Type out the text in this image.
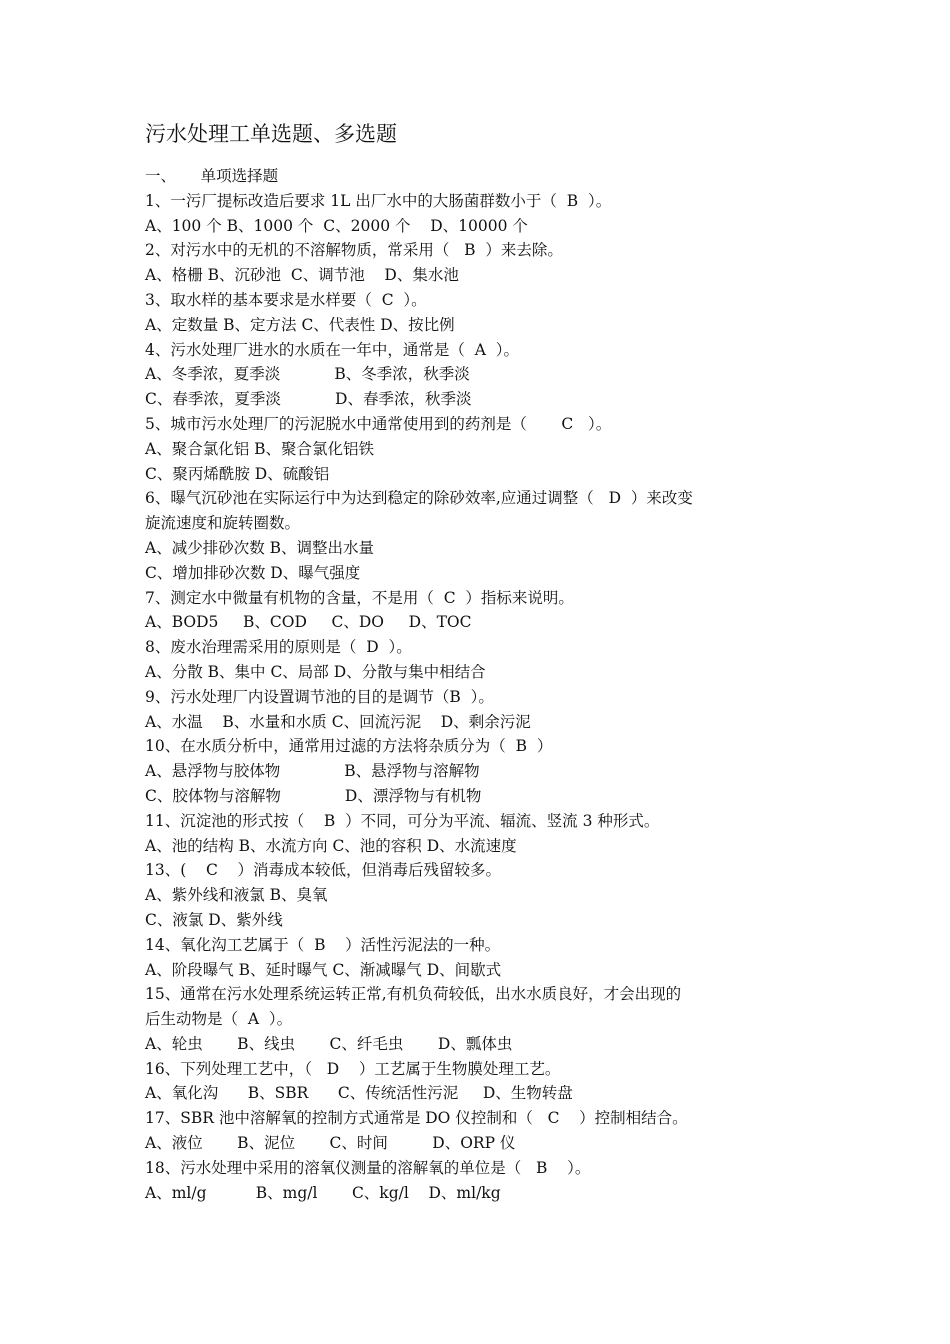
污水处理工单选题、多选题
一、     单项选择题
1、一污厂提标改造后要求 1L 出厂水中的大肠菌群数小于（  B  ）。
A、100 个 B、1000 个  C、2000 个    D、10000 个
2、对污水中的无机的不溶解物质，常采用（   B  ）来去除。
A、格栅 B、沉砂池  C、调节池    D、集水池
3、取水样的基本要求是水样要（  C  ）。
A、定数量 B、定方法 C、代表性 D、按比例
4、污水处理厂进水的水质在一年中，通常是（  A  ）。
A、冬季浓，夏季淡           B、冬季浓，秋季淡
C、春季浓，夏季淡           D、春季浓，秋季淡
5、城市污水处理厂的污泥脱水中通常使用到的药剂是（       C   ）。
A、聚合氯化铝 B、聚合氯化铝铁
C、聚丙烯酰胺 D、硫酸铝
6、曝气沉砂池在实际运行中为达到稳定的除砂效率,应通过调整（   D  ）来改变
旋流速度和旋转圈数。
A、减少排砂次数 B、调整出水量
C、增加排砂次数 D、曝气强度
7、测定水中微量有机物的含量，不是用（  C  ）指标来说明。
A、BOD5     B、COD     C、DO     D、TOC
8、废水治理需采用的原则是（  D  ）。
A、分散 B、集中 C、局部 D、分散与集中相结合
9、污水处理厂内设置调节池的目的是调节（B  ）。
A、水温    B、水量和水质 C、回流污泥    D、剩余污泥
10、在水质分析中，通常用过滤的方法将杂质分为（  B  ）
A、悬浮物与胶体物             B、悬浮物与溶解物
C、胶体物与溶解物             D、漂浮物与有机物
11、沉淀池的形式按（    B  ）不同，可分为平流、辐流、竖流 3 种形式。
A、池的结构 B、水流方向 C、池的容积 D、水流速度
13、(    C    ）消毒成本较低，但消毒后残留较多。
A、紫外线和液氯 B、臭氧
C、液氯 D、紫外线
14、氧化沟工艺属于（  B    ）活性污泥法的一种。
A、阶段曝气 B、延时曝气 C、渐减曝气 D、间歇式
15、通常在污水处理系统运转正常,有机负荷较低，出水水质良好，才会出现的
后生动物是（  A  ）。
A、轮虫       B、线虫       C、纤毛虫       D、瓢体虫
16、下列处理工艺中，（   D    ）工艺属于生物膜处理工艺。
A、氧化沟      B、SBR      C、传统活性污泥     D、生物转盘
17、SBR 池中溶解氧的控制方式通常是 DO 仪控制和（   C    ）控制相结合。
A、液位       B、泥位       C、时间         D、ORP 仪
18、污水处理中采用的溶氧仪测量的溶解氧的单位是（   B    ）。
A、ml/g          B、mg/l       C、kg/l    D、ml/kg
